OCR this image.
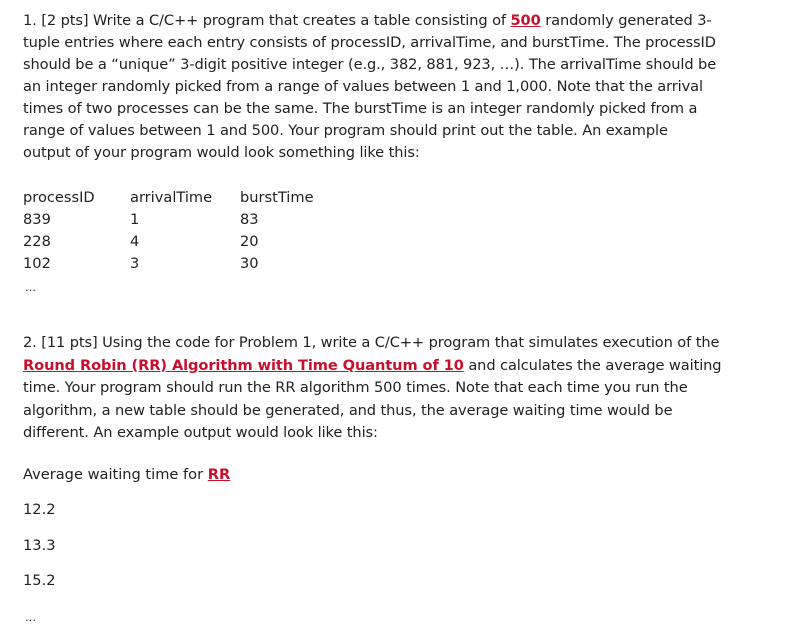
1. [2 pts] Write a C/C++ program that creates a table consisting of 500 randomly generated 3-
tuple entries where each entry consists of processID, arrivalTime, and burstTime. The processID
should be a “unique” 3-digit positive integer (e.g., 382, 881, 923, …). The arrivalTime should be
an integer randomly picked from a range of values between 1 and 1,000. Note that the arrival
times of two processes can be the same. The burstTime is an integer randomly picked from a
range of values between 1 and 500. Your program should print out the table. An example
output of your program would look something like this:
processID arrivalTime burstTime
839	1	83
228	4	20
102	3	30
…
2. [11 pts] Using the code for Problem 1, write a C/C++ program that simulates execution of the
Round Robin (RR) Algorithm with Time Quantum of 10 and calculates the average waiting
time. Your program should run the RR algorithm 500 times. Note that each time you run the
algorithm, a new table should be generated, and thus, the average waiting time would be
different. An example output would look like this:
Average waiting time for RR
12.2
13.3
15.2
…
